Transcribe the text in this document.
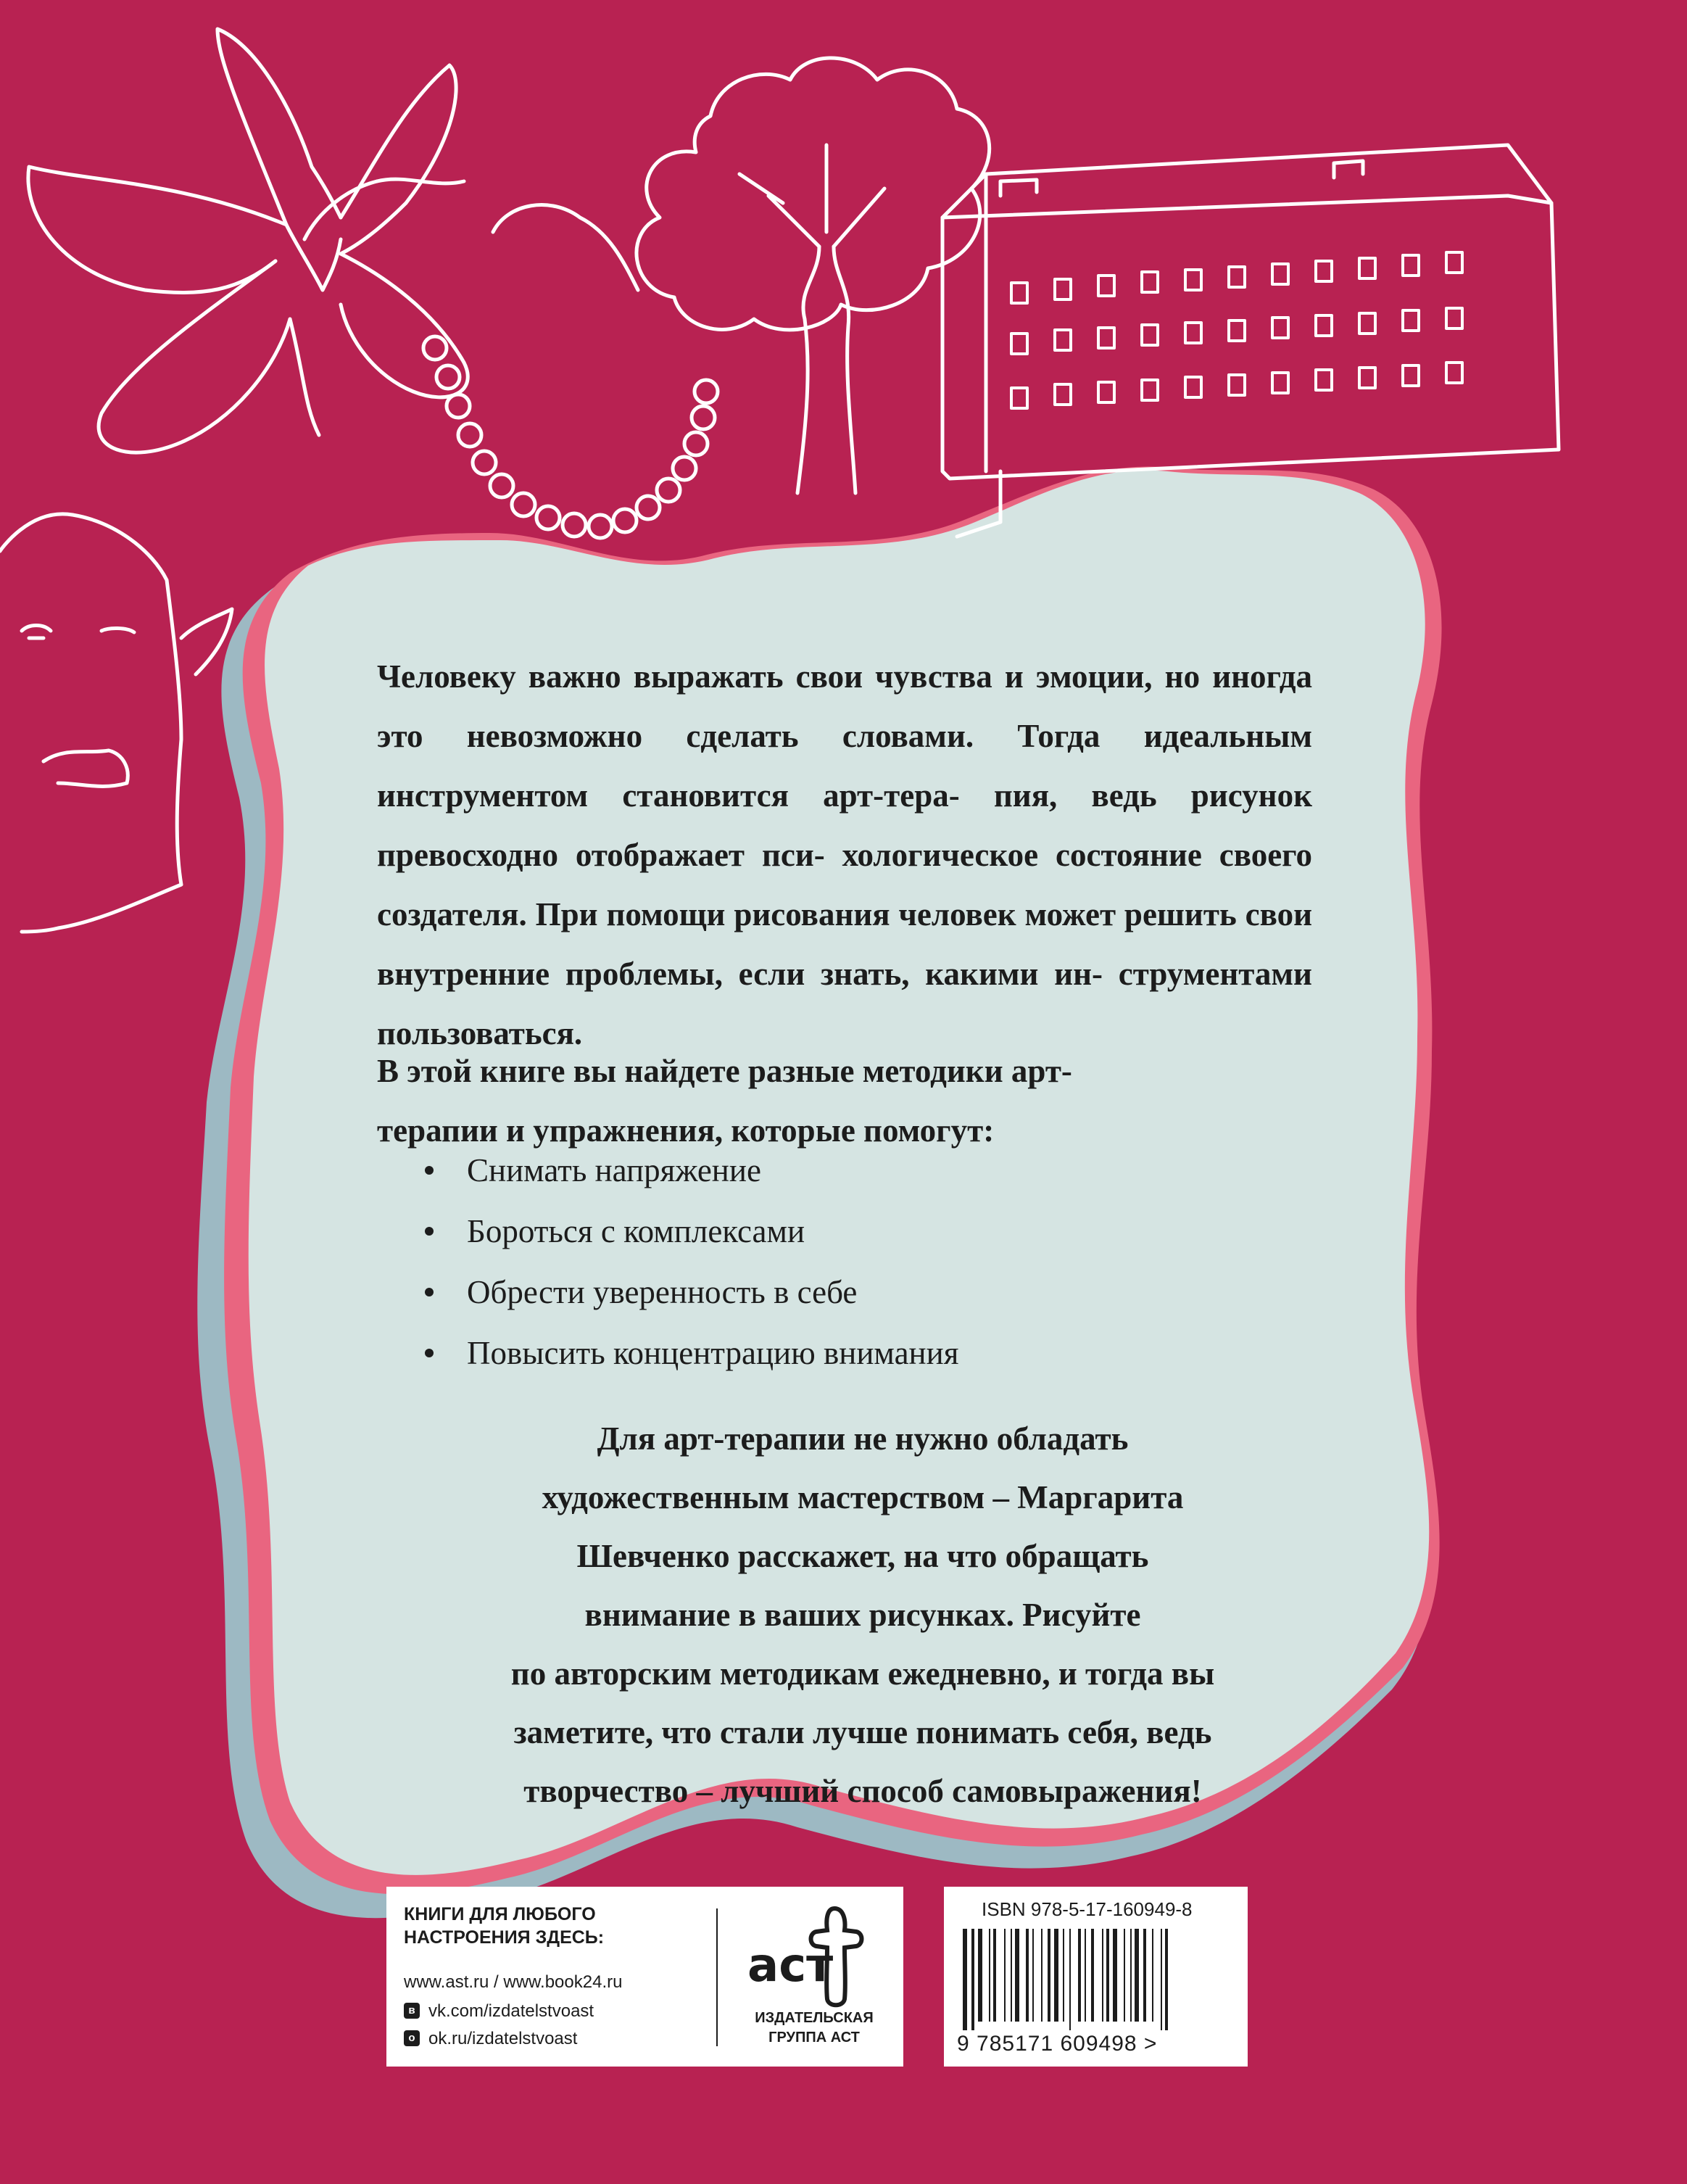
Человеку важно выражать свои чувства и эмоции, но иногда это невозможно сделать словами. Тогда идеальным инструментом становится арт-тера- пия, ведь рисунок превосходно отображает пси- хологическое состояние своего создателя. При помощи рисования человек может решить свои внутренние проблемы, если знать, какими ин- струментами пользоваться.
В этой книге вы найдете разные методики арт-
терапии и упражнения, которые помогут:
Снимать напряжение
Бороться с комплексами
Обрести уверенность в себе
Повысить концентрацию внимания
Для арт-терапии не нужно обладать
художественным мастерством – Маргарита
Шевченко расскажет, на что обращать
внимание в ваших рисунках. Рисуйте
по авторским методикам ежедневно, и тогда вы
заметите, что стали лучше понимать себя, ведь
творчество – лучший способ самовыражения!
КНИГИ ДЛЯ ЛЮБОГО
НАСТРОЕНИЯ ЗДЕСЬ:
www.ast.ru / www.book24.ru
в vk.com/izdatelstvoast
о ok.ru/izdatelstvoast
аст
ИЗДАТЕЛЬСКАЯ
ГРУППА АСТ
ISBN 978-5-17-160949-8
9 785171 609498 >
